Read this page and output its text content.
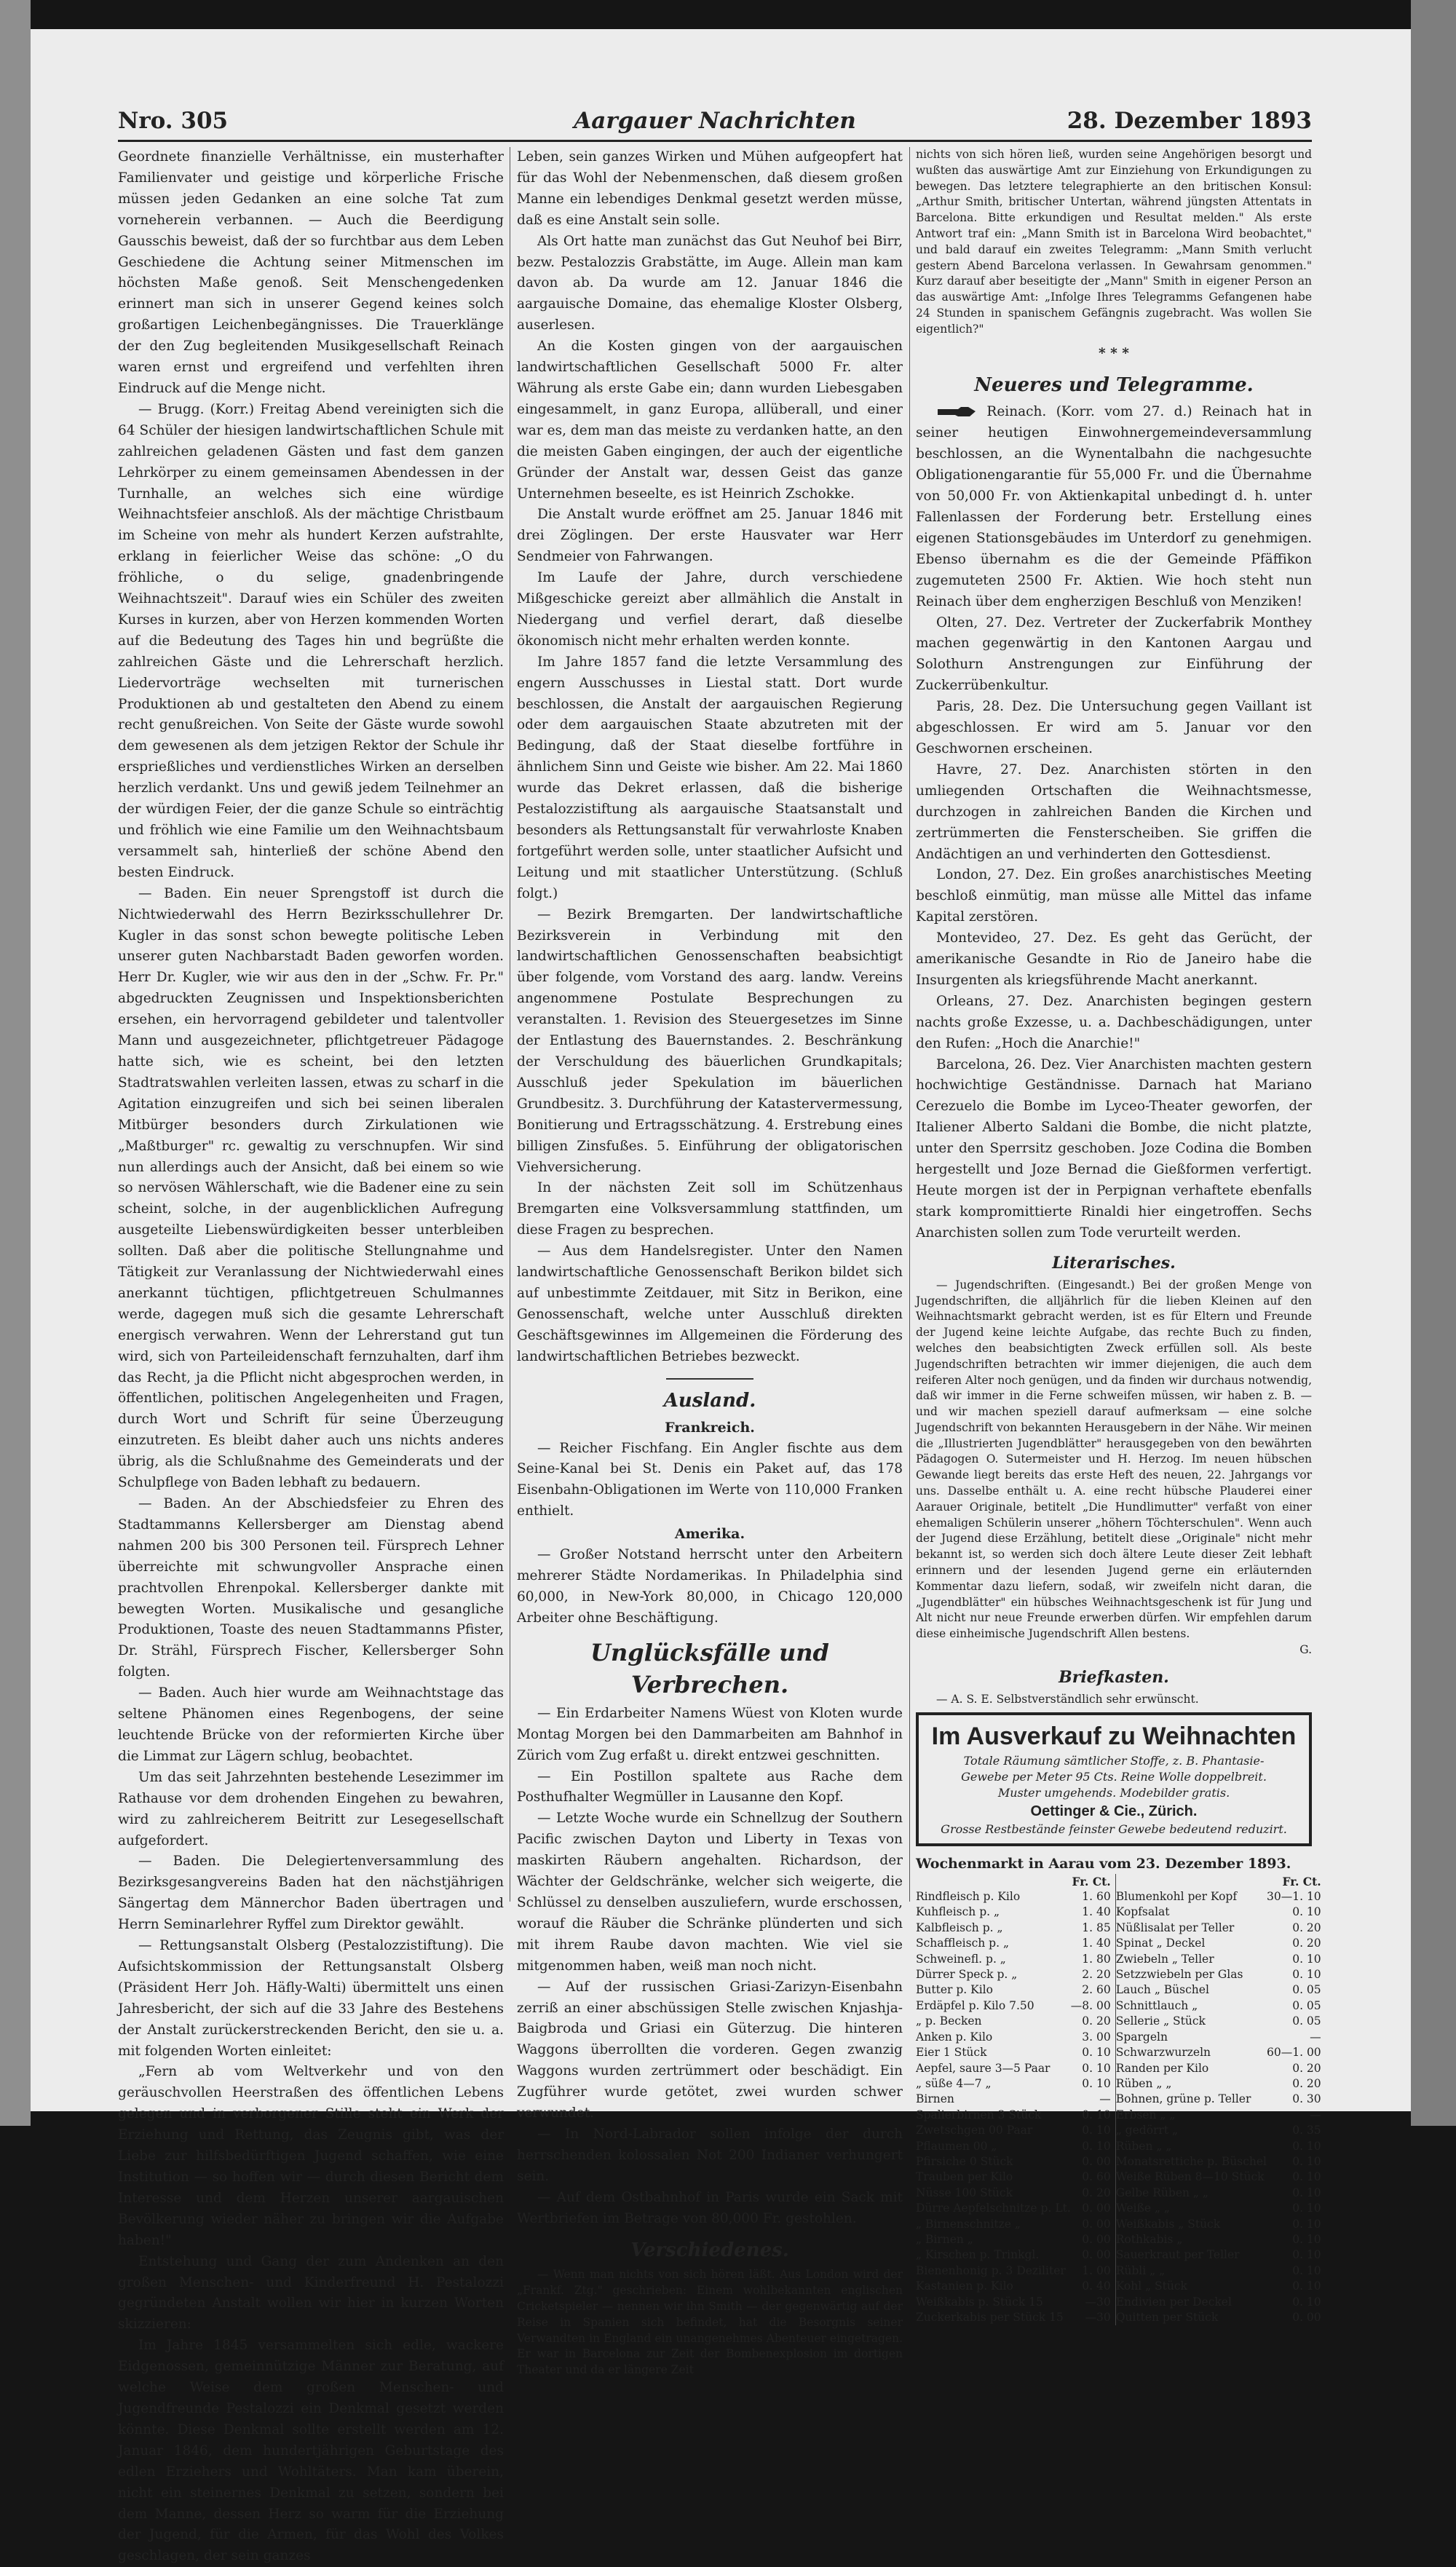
Nro. 305	Aargauer Nachrichten	28. Dezember 1893

Geordnete finanzielle Verhältnisse, ein musterhafter Familienvater und geistige und körperliche Frische müssen jeden Gedanken an eine solche Tat zum vorneherein verbannen. — Auch die Beerdigung Gausschis beweist, daß der so furchtbar aus dem Leben Geschiedene die Achtung seiner Mitmenschen im höchsten Maße genoß. Seit Menschengedenken erinnert man sich in unserer Gegend keines solch großartigen Leichenbegängnisses. Die Trauerklänge der den Zug begleitenden Musikgesellschaft Reinach waren ernst und ergreifend und verfehlten ihren Eindruck auf die Menge nicht.

— Brugg. (Korr.) Freitag Abend vereinigten sich die 64 Schüler der hiesigen landwirtschaftlichen Schule mit zahlreichen geladenen Gästen und fast dem ganzen Lehrkörper zu einem gemeinsamen Abendessen in der Turnhalle, an welches sich eine würdige Weihnachtsfeier anschloß. Als der mächtige Christbaum im Scheine von mehr als hundert Kerzen aufstrahlte, erklang in feierlicher Weise das schöne: „O du fröhliche, o du selige, gnadenbringende Weihnachtszeit". Darauf wies ein Schüler des zweiten Kurses in kurzen, aber von Herzen kommenden Worten auf die Bedeutung des Tages hin und begrüßte die zahlreichen Gäste und die Lehrerschaft herzlich. Liedervorträge wechselten mit turnerischen Produktionen ab und gestalteten den Abend zu einem recht genußreichen. Von Seite der Gäste wurde sowohl dem gewesenen als dem jetzigen Rektor der Schule ihr ersprießliches und verdienstliches Wirken an derselben herzlich verdankt. Uns und gewiß jedem Teilnehmer an der würdigen Feier, der die ganze Schule so einträchtig und fröhlich wie eine Familie um den Weihnachtsbaum versammelt sah, hinterließ der schöne Abend den besten Eindruck.

— Baden. Ein neuer Sprengstoff ist durch die Nichtwiederwahl des Herrn Bezirksschullehrer Dr. Kugler in das sonst schon bewegte politische Leben unserer guten Nachbarstadt Baden geworfen worden. Herr Dr. Kugler, wie wir aus den in der „Schw. Fr. Pr." abgedruckten Zeugnissen und Inspektionsberichten ersehen, ein hervorragend gebildeter und talentvoller Mann und ausgezeichneter, pflichtgetreuer Pädagoge hatte sich, wie es scheint, bei den letzten Stadtratswahlen verleiten lassen, etwas zu scharf in die Agitation einzugreifen und sich bei seinen liberalen Mitbürger besonders durch Zirkulationen wie „Maßtburger" rc. gewaltig zu verschnupfen. Wir sind nun allerdings auch der Ansicht, daß bei einem so wie so nervösen Wählerschaft, wie die Badener eine zu sein scheint, solche, in der augenblicklichen Aufregung ausgeteilte Liebenswürdigkeiten besser unterbleiben sollten. Daß aber die politische Stellungnahme und Tätigkeit zur Veranlassung der Nichtwiederwahl eines anerkannt tüchtigen, pflichtgetreuen Schulmannes werde, dagegen muß sich die gesamte Lehrerschaft energisch verwahren. Wenn der Lehrerstand gut tun wird, sich von Parteileidenschaft fernzuhalten, darf ihm das Recht, ja die Pflicht nicht abgesprochen werden, in öffentlichen, politischen Angelegenheiten und Fragen, durch Wort und Schrift für seine Überzeugung einzutreten. Es bleibt daher auch uns nichts anderes übrig, als die Schlußnahme des Gemeinderats und der Schulpflege von Baden lebhaft zu bedauern.

— Baden. An der Abschiedsfeier zu Ehren des Stadtammanns Kellersberger am Dienstag abend nahmen 200 bis 300 Personen teil. Fürsprech Lehner überreichte mit schwungvoller Ansprache einen prachtvollen Ehrenpokal. Kellersberger dankte mit bewegten Worten. Musikalische und gesangliche Produktionen, Toaste des neuen Stadtammanns Pfister, Dr. Strähl, Fürsprech Fischer, Kellersberger Sohn folgten.

— Baden. Auch hier wurde am Weihnachtstage das seltene Phänomen eines Regenbogens, der seine leuchtende Brücke von der reformierten Kirche über die Limmat zur Lägern schlug, beobachtet.

Um das seit Jahrzehnten bestehende Lesezimmer im Rathause vor dem drohenden Eingehen zu bewahren, wird zu zahlreicherem Beitritt zur Lesegesellschaft aufgefordert.

— Baden. Die Delegiertenversammlung des Bezirksgesangvereins Baden hat den nächstjährigen Sängertag dem Männerchor Baden übertragen und Herrn Seminarlehrer Ryffel zum Direktor gewählt.

— Rettungsanstalt Olsberg (Pestalozzistiftung). Die Aufsichtskommission der Rettungsanstalt Olsberg (Präsident Herr Joh. Häfly-Walti) übermittelt uns einen Jahresbericht, der sich auf die 33 Jahre des Bestehens der Anstalt zurückerstreckenden Bericht, den sie u. a. mit folgenden Worten einleitet:

„Fern ab vom Weltverkehr und von den geräuschvollen Heerstraßen des öffentlichen Lebens gelegen und in verborgener Stille steht ein Werk der Erziehung und Rettung, das Zeugnis gibt, was der Liebe zur hilfsbedürftigen Jugend schaffen, wie eine Institution — so hoffen wir — durch diesen Bericht dem Interesse und dem Herzen unserer aargauischen Bevölkerung wieder näher zu bringen wir die Aufgabe haben!"

Entstehung und Gang der zum Andenken an den großen Menschen- und Kinderfreund H. Pestalozzi gegründeten Anstalt wollen wir hier in kurzen Worten skizzieren:

Im Jahre 1845 versammelten sich edle, wackere Eidgenossen, gemeinnützige Männer zur Beratung, auf welche Weise dem großen Menschen- und Jugendfreunde Pestalozzi ein Denkmal gesetzt werden könnte. Diese Denkmal sollte erstellt werden am 12. Januar 1846, dem hundertjährigen Geburtstage des edlen Erziehers und Wohltäters. Man kam überein, nicht ein steinernes Denkmal zu setzen, sondern bei dem Manne, dessen Herz so warm für die Erziehung der Jugend, für die Armen, für das Wohl des Volkes geschlagen, der sein ganzes

Leben, sein ganzes Wirken und Mühen aufgeopfert hat für das Wohl der Nebenmenschen, daß diesem großen Manne ein lebendiges Denkmal gesetzt werden müsse, daß es eine Anstalt sein solle.

Als Ort hatte man zunächst das Gut Neuhof bei Birr, bezw. Pestalozzis Grabstätte, im Auge. Allein man kam davon ab. Da wurde am 12. Januar 1846 die aargauische Domaine, das ehemalige Kloster Olsberg, auserlesen.

An die Kosten gingen von der aargauischen landwirtschaftlichen Gesellschaft 5000 Fr. alter Währung als erste Gabe ein; dann wurden Liebesgaben eingesammelt, in ganz Europa, allüberall, und einer war es, dem man das meiste zu verdanken hatte, an den die meisten Gaben eingingen, der auch der eigentliche Gründer der Anstalt war, dessen Geist das ganze Unternehmen beseelte, es ist Heinrich Zschokke.

Die Anstalt wurde eröffnet am 25. Januar 1846 mit drei Zöglingen. Der erste Hausvater war Herr Sendmeier von Fahrwangen.

Im Laufe der Jahre, durch verschiedene Mißgeschicke gereizt aber allmählich die Anstalt in Niedergang und verfiel derart, daß dieselbe ökonomisch nicht mehr erhalten werden konnte.

Im Jahre 1857 fand die letzte Versammlung des engern Ausschusses in Liestal statt. Dort wurde beschlossen, die Anstalt der aargauischen Regierung oder dem aargauischen Staate abzutreten mit der Bedingung, daß der Staat dieselbe fortführe in ähnlichem Sinn und Geiste wie bisher. Am 22. Mai 1860 wurde das Dekret erlassen, daß die bisherige Pestalozzistiftung als aargauische Staatsanstalt und besonders als Rettungsanstalt für verwahrloste Knaben fortgeführt werden solle, unter staatlicher Aufsicht und Leitung und mit staatlicher Unterstützung. (Schluß folgt.)

— Bezirk Bremgarten. Der landwirtschaftliche Bezirksverein in Verbindung mit den landwirtschaftlichen Genossenschaften beabsichtigt über folgende, vom Vorstand des aarg. landw. Vereins angenommene Postulate Besprechungen zu veranstalten. 1. Revision des Steuergesetzes im Sinne der Entlastung des Bauernstandes. 2. Beschränkung der Verschuldung des bäuerlichen Grundkapitals; Ausschluß jeder Spekulation im bäuerlichen Grundbesitz. 3. Durchführung der Katastervermessung, Bonitierung und Ertragsschätzung. 4. Erstrebung eines billigen Zinsfußes. 5. Einführung der obligatorischen Viehversicherung.

In der nächsten Zeit soll im Schützenhaus Bremgarten eine Volksversammlung stattfinden, um diese Fragen zu besprechen.

— Aus dem Handelsregister. Unter den Namen landwirtschaftliche Genossenschaft Berikon bildet sich auf unbestimmte Zeitdauer, mit Sitz in Berikon, eine Genossenschaft, welche unter Ausschluß direkten Geschäftsgewinnes im Allgemeinen die Förderung des landwirtschaftlichen Betriebes bezweckt.

Ausland.
Frankreich.

— Reicher Fischfang. Ein Angler fischte aus dem Seine-Kanal bei St. Denis ein Paket auf, das 178 Eisenbahn-Obligationen im Werte von 110,000 Franken enthielt.

Amerika.

— Großer Notstand herrscht unter den Arbeitern mehrerer Städte Nordamerikas. In Philadelphia sind 60,000, in New-York 80,000, in Chicago 120,000 Arbeiter ohne Beschäftigung.

Unglücksfälle und Verbrechen.

— Ein Erdarbeiter Namens Wüest von Kloten wurde Montag Morgen bei den Dammarbeiten am Bahnhof in Zürich vom Zug erfaßt u. direkt entzwei geschnitten.

— Ein Postillon spaltete aus Rache dem Posthufhalter Wegmüller in Lausanne den Kopf.

— Letzte Woche wurde ein Schnellzug der Southern Pacific zwischen Dayton und Liberty in Texas von maskirten Räubern angehalten. Richardson, der Wächter der Geldschränke, welcher sich weigerte, die Schlüssel zu denselben auszuliefern, wurde erschossen, worauf die Räuber die Schränke plünderten und sich mit ihrem Raube davon machten. Wie viel sie mitgenommen haben, weiß man noch nicht.

— Auf der russischen Griasi-Zarizyn-Eisenbahn zerriß an einer abschüssigen Stelle zwischen Knjashja-Baigbroda und Griasi ein Güterzug. Die hinteren Waggons überrollten die vorderen. Gegen zwanzig Waggons wurden zertrümmert oder beschädigt. Ein Zugführer wurde getötet, zwei wurden schwer verwundet.

— In Nord-Labrador sollen infolge der durch herrschenden kolossalen Not 200 Indianer verhungert sein.

— Auf dem Ostbahnhof in Paris wurde ein Sack mit Wertbriefen im Betrage von 80,000 Fr. gestohlen.

Verschiedenes.

— Wenn man nichts von sich hören läßt. Aus London wird der „Frankf. Ztg." geschrieben: Einem wohlbekannten englischen Cricketspieler — nennen wir ihn Smith — der gegenwärtig auf der Reise in Spanien sich befindet, hat die Besorgnis seiner Verwandten in England ein unangenehmes Abenteuer eingetragen. Er war in Barcelona zur Zeit der Bombenexplosion im dortigen Theater und da er längere Zeit

nichts von sich hören ließ, wurden seine Angehörigen besorgt und wußten das auswärtige Amt zur Einziehung von Erkundigungen zu bewegen. Das letztere telegraphierte an den britischen Konsul: „Arthur Smith, britischer Untertan, während jüngsten Attentats in Barcelona. Bitte erkundigen und Resultat melden." Als erste Antwort traf ein: „Mann Smith ist in Barcelona Wird beobachtet," und bald darauf ein zweites Telegramm: „Mann Smith verlucht gestern Abend Barcelona verlassen. In Gewahrsam genommen." Kurz darauf aber beseitigte der „Mann" Smith in eigener Person an das auswärtige Amt: „Infolge Ihres Telegramms Gefangenen habe 24 Stunden in spanischem Gefängnis zugebracht. Was wollen Sie eigentlich?"

* * *
Neueres und Telegramme.

Reinach. (Korr. vom 27. d.) Reinach hat in seiner heutigen Einwohnergemeindeversammlung beschlossen, an die Wynentalbahn die nachgesuchte Obligationengarantie für 55,000 Fr. und die Übernahme von 50,000 Fr. von Aktienkapital unbedingt d. h. unter Fallenlassen der Forderung betr. Erstellung eines eigenen Stationsgebäudes im Unterdorf zu genehmigen. Ebenso übernahm es die der Gemeinde Pfäffikon zugemuteten 2500 Fr. Aktien. Wie hoch steht nun Reinach über dem engherzigen Beschluß von Menziken!

Olten, 27. Dez. Vertreter der Zuckerfabrik Monthey machen gegenwärtig in den Kantonen Aargau und Solothurn Anstrengungen zur Einführung der Zuckerrübenkultur.

Paris, 28. Dez. Die Untersuchung gegen Vaillant ist abgeschlossen. Er wird am 5. Januar vor den Geschwornen erscheinen.

Havre, 27. Dez. Anarchisten störten in den umliegenden Ortschaften die Weihnachtsmesse, durchzogen in zahlreichen Banden die Kirchen und zertrümmerten die Fensterscheiben. Sie griffen die Andächtigen an und verhinderten den Gottesdienst.

London, 27. Dez. Ein großes anarchistisches Meeting beschloß einmütig, man müsse alle Mittel das infame Kapital zerstören.

Montevideo, 27. Dez. Es geht das Gerücht, der amerikanische Gesandte in Rio de Janeiro habe die Insurgenten als kriegsführende Macht anerkannt.

Orleans, 27. Dez. Anarchisten begingen gestern nachts große Exzesse, u. a. Dachbeschädigungen, unter den Rufen: „Hoch die Anarchie!"

Barcelona, 26. Dez. Vier Anarchisten machten gestern hochwichtige Geständnisse. Darnach hat Mariano Cerezuelo die Bombe im Lyceo-Theater geworfen, der Italiener Alberto Saldani die Bombe, die nicht platzte, unter den Sperrsitz geschoben. Joze Codina die Bomben hergestellt und Joze Bernad die Gießformen verfertigt. Heute morgen ist der in Perpignan verhaftete ebenfalls stark kompromittierte Rinaldi hier eingetroffen. Sechs Anarchisten sollen zum Tode verurteilt werden.

Literarisches.

— Jugendschriften. (Eingesandt.) Bei der großen Menge von Jugendschriften, die alljährlich für die lieben Kleinen auf den Weihnachtsmarkt gebracht werden, ist es für Eltern und Freunde der Jugend keine leichte Aufgabe, das rechte Buch zu finden, welches den beabsichtigten Zweck erfüllen soll. Als beste Jugendschriften betrachten wir immer diejenigen, die auch dem reiferen Alter noch genügen, und da finden wir durchaus notwendig, daß wir immer in die Ferne schweifen müssen, wir haben z. B. — und wir machen speziell darauf aufmerksam — eine solche Jugendschrift von bekannten Herausgebern in der Nähe. Wir meinen die „Illustrierten Jugendblätter" herausgegeben von den bewährten Pädagogen O. Sutermeister und H. Herzog. Im neuen hübschen Gewande liegt bereits das erste Heft des neuen, 22. Jahrgangs vor uns. Dasselbe enthält u. A. eine recht hübsche Plauderei einer Aarauer Originale, betitelt „Die Hundlimutter" verfaßt von einer ehemaligen Schülerin unserer „höhern Töchterschulen". Wenn auch der Jugend diese Erzählung, betitelt diese „Originale" nicht mehr bekannt ist, so werden sich doch ältere Leute dieser Zeit lebhaft erinnern und der lesenden Jugend gerne ein erläuternden Kommentar dazu liefern, sodaß, wir zweifeln nicht daran, die „Jugendblätter" ein hübsches Weihnachtsgeschenk ist für Jung und Alt nicht nur neue Freunde erwerben dürfen. Wir empfehlen darum diese einheimische Jugendschrift Allen bestens.

G.
Briefkasten.

— A. S. E. Selbstverständlich sehr erwünscht.

Im Ausverkauf zu Weihnachten
Totale Räumung sämtlicher Stoffe, z. B. Phantasie-
Gewebe per Meter 95 Cts. Reine Wolle doppelbreit.
Muster umgehends. Modebilder gratis.
Oettinger & Cie., Zürich.
Grosse Restbestände feinster Gewebe bedeutend reduzirt.
Wochenmarkt in Aarau vom 23. Dezember 1893.
	Fr. Ct.			Fr. Ct.
Rindfleisch p. Kilo	1. 60		Blumenkohl per Kopf	30—1. 10
Kuhfleisch p. „	1. 40		Kopfsalat	0. 10
Kalbfleisch p. „	1. 85		Nüßlisalat per Teller	0. 20
Schaffleisch p. „	1. 40		Spinat „ Deckel	0. 20
Schweinefl. p. „	1. 80		Zwiebeln „ Teller	0. 10
Dürrer Speck p. „	2. 20		Setzzwiebeln per Glas	0. 10
Butter p. Kilo	2. 60		Lauch „ Büschel	0. 05
Erdäpfel p. Kilo 7.50	—8. 00		Schnittlauch „	0. 05
„ p. Becken	0. 20		Sellerie „ Stück	0. 05
Anken p. Kilo	3. 00		Spargeln	—
Eier 1 Stück	0. 10		Schwarzwurzeln	60—1. 00
Aepfel, saure 3—5 Paar	0. 10		Randen per Kilo	0. 20
„ süße 4—7 „	0. 10		Rüben „ „	0. 20
Birnen	—		Bohnen, grüne p. Teller	0. 30
Spalierbirnen 3 Stück	0. 10		Erbsen „ „	—
Zwetschgen 00 Paar	0. 10		„ gedörrt „	0. 35
Pflaumen 00 „	0. 10		Rüben „ „	0. 10
Pfirsiche 0 Stück	0. 00		Monatsrettiche p. Büschel	0. 10
Trauben per Kilo	0. 60		Weiße Rüben 8—10 Stück	0. 10
Nüsse 100 Stück	0. 20		Gelbe Rüben „ „	0. 10
Dürre Aepfelschnitze p. Lt.	0. 00		Weiße „ „	0. 10
„ Birnenschnitze „	0. 00		Weißkabis „ Stück	0. 10
„ Birnen „	0. 00		Rothkabis „	0. 10
„ Kirschen p. Trinkgl.	0. 00		Sauerkraut per Teller	0. 10
Bienenhonig p. 3 Deziliter	1. 00		Rübli „ „	0. 10
Kastanien p. Kilo	0. 40		Kohl „ Stück	0. 10
Weißkabis p. Stück 15	—30		Endivien per Deckel	0. 10
Zuckerkabis per Stück 15	—30		Quitten per Stück	0. 00
